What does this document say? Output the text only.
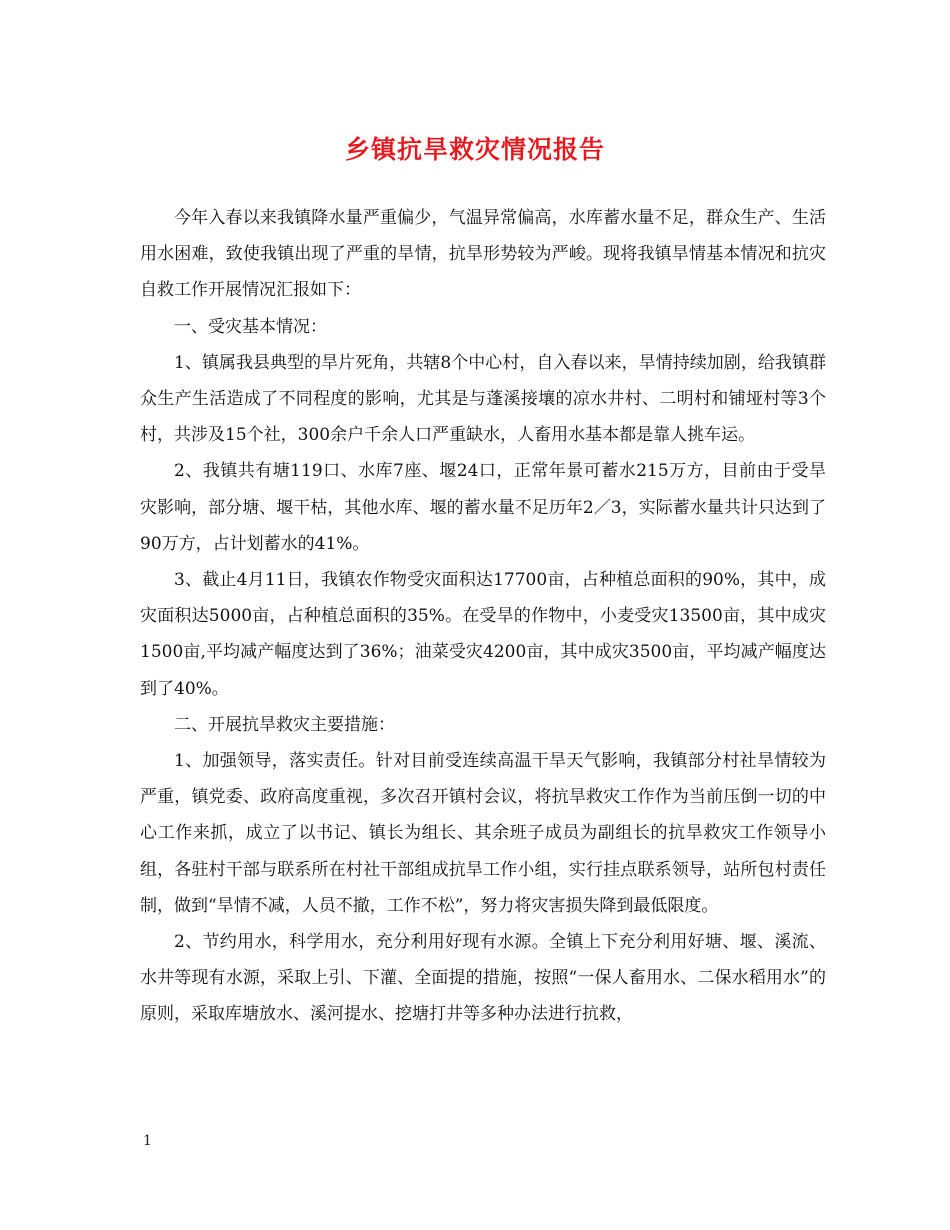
乡镇抗旱救灾情况报告

今年入春以来我镇降水量严重偏少，气温异常偏高，水库蓄水量不足，群众生产、生活用水困难，致使我镇出现了严重的旱情，抗旱形势较为严峻。现将我镇旱情基本情况和抗灾自救工作开展情况汇报如下：

一、受灾基本情况：

1、镇属我县典型的旱片死角，共辖8个中心村，自入春以来，旱情持续加剧，给我镇群众生产生活造成了不同程度的影响，尤其是与蓬溪接壤的凉水井村、二明村和铺垭村等3个村，共涉及15个社，300余户千余人口严重缺水，人畜用水基本都是靠人挑车运。

2、我镇共有塘119口、水库7座、堰24口，正常年景可蓄水215万方，目前由于受旱灾影响，部分塘、堰干枯，其他水库、堰的蓄水量不足历年2／3，实际蓄水量共计只达到了90万方，占计划蓄水的41%。

3、截止4月11日，我镇农作物受灾面积达17700亩，占种植总面积的90%，其中，成灾面积达5000亩，占种植总面积的35%。在受旱的作物中，小麦受灾13500亩，其中成灾1500亩,平均减产幅度达到了36%；油菜受灾4200亩，其中成灾3500亩，平均减产幅度达到了40%。

二、开展抗旱救灾主要措施：

1、加强领导，落实责任。针对目前受连续高温干旱天气影响，我镇部分村社旱情较为严重，镇党委、政府高度重视，多次召开镇村会议，将抗旱救灾工作作为当前压倒一切的中心工作来抓，成立了以书记、镇长为组长、其余班子成员为副组长的抗旱救灾工作领导小组，各驻村干部与联系所在村社干部组成抗旱工作小组，实行挂点联系领导，站所包村责任制，做到“旱情不减，人员不撤，工作不松”，努力将灾害损失降到最低限度。

2、节约用水，科学用水，充分利用好现有水源。全镇上下充分利用好塘、堰、溪流、水井等现有水源，采取上引、下灌、全面提的措施，按照“一保人畜用水、二保水稻用水”的原则，采取库塘放水、溪河提水、挖塘打井等多种办法进行抗救，

1
